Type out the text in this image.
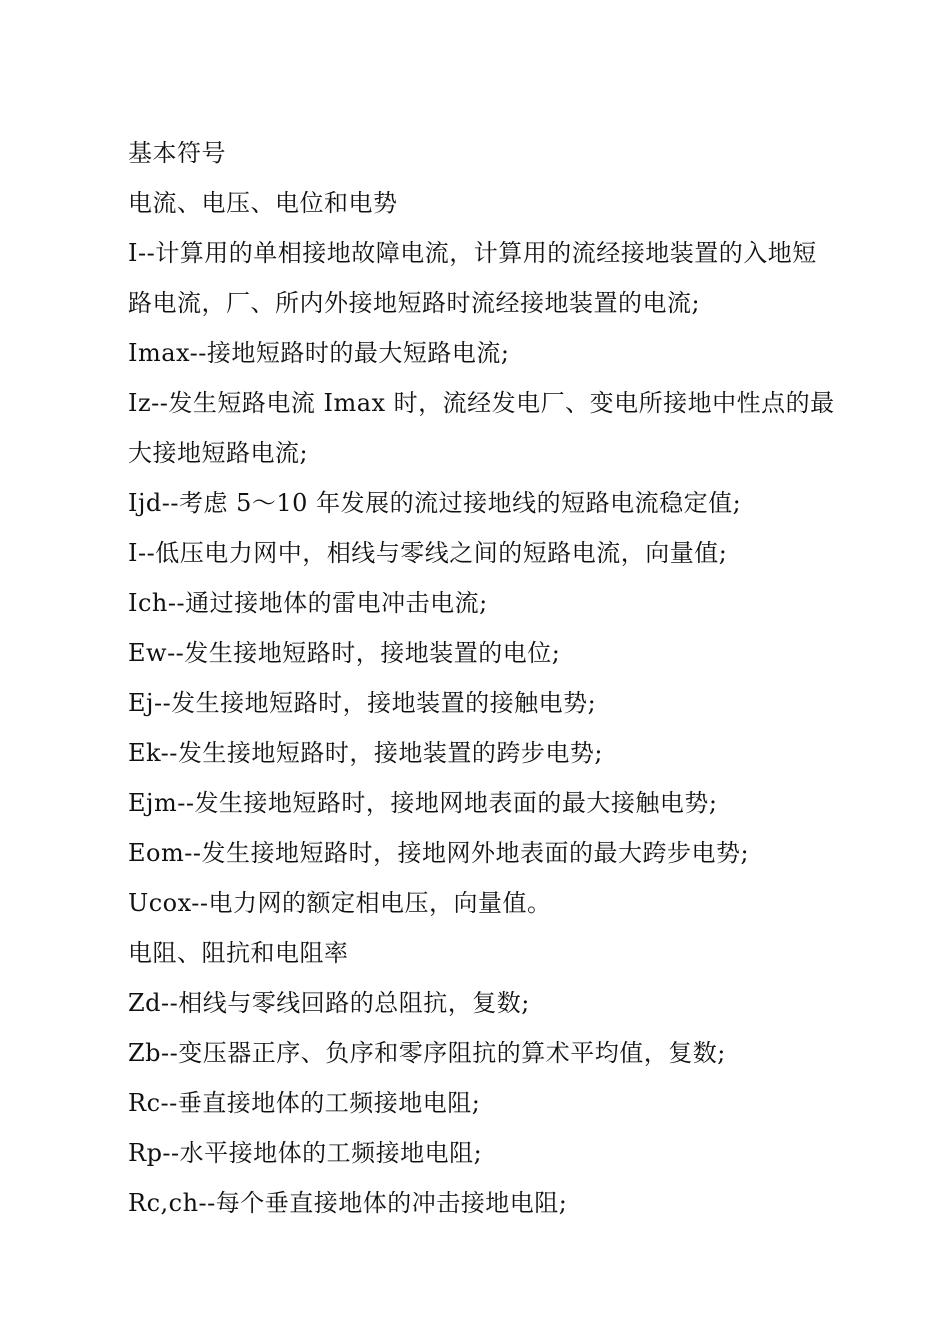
基本符号
电流、电压、电位和电势
I--计算用的单相接地故障电流，计算用的流经接地装置的入地短
路电流，厂、所内外接地短路时流经接地装置的电流;
Imax--接地短路时的最大短路电流;
Iz--发生短路电流 Imax 时，流经发电厂、变电所接地中性点的最
大接地短路电流;
Ijd--考虑 5～10 年发展的流过接地线的短路电流稳定值;
I--低压电力网中，相线与零线之间的短路电流，向量值;
Ich--通过接地体的雷电冲击电流;
Ew--发生接地短路时，接地装置的电位;
Ej--发生接地短路时，接地装置的接触电势;
Ek--发生接地短路时，接地装置的跨步电势;
Ejm--发生接地短路时，接地网地表面的最大接触电势;
Eom--发生接地短路时，接地网外地表面的最大跨步电势;
Ucox--电力网的额定相电压，向量值。
电阻、阻抗和电阻率
Zd--相线与零线回路的总阻抗，复数;
Zb--变压器正序、负序和零序阻抗的算术平均值，复数;
Rc--垂直接地体的工频接地电阻;
Rp--水平接地体的工频接地电阻;
Rc,ch--每个垂直接地体的冲击接地电阻;
